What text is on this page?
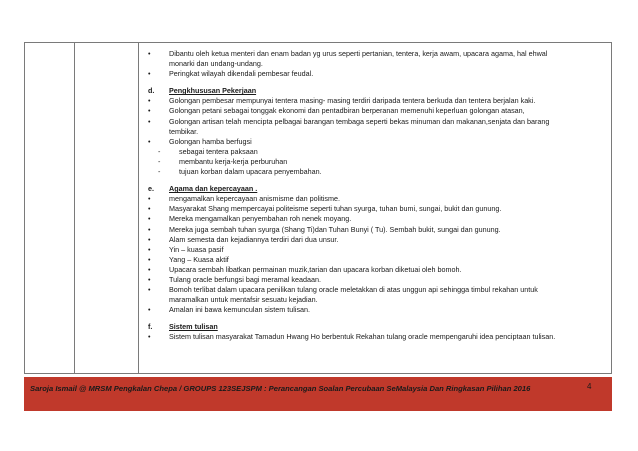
•	Dibantu oleh ketua menteri dan enam badan yg urus seperti pertanian, tentera, kerja awam, upacara agama, hal ehwal
monarki dan undang-undang.
•	Peringkat wilayah dikendali pembesar feudal.
d. Pengkhususan Pekerjaan
•	Golongan pembesar mempunyai tentera masing- masing terdiri daripada tentera berkuda dan tentera berjalan kaki.
•	Golongan petani sebagai tonggak ekonomi dan pentadbiran berperanan memenuhi keperluan golongan atasan,
•	Golongan artisan telah mencipta pelbagai barangan tembaga seperti bekas minuman dan makanan,senjata dan barang
tembikar.
•	Golongan hamba berfugsi
-	sebagai tentera paksaan
-	membantu kerja-kerja perburuhan
-	tujuan korban dalam upacara penyembahan.
e. Agama dan kepercayaan .
•	mengamalkan kepercayaan anismisme dan politisme.
•	Masyarakat Shang mempercayai politeisme seperti tuhan syurga, tuhan bumi, sungai, bukit dan gunung.
•	Mereka mengamalkan penyembahan roh nenek moyang.
•	Mereka juga sembah tuhan syurga (Shang Ti)dan Tuhan Bunyi ( Tu). Sembah bukit, sungai dan gunung.
•	Alam semesta dan kejadiannya terdiri dari dua unsur.
•	Yin – kuasa pasif
•	Yang – Kuasa aktif
•	Upacara sembah libatkan permainan muzik,tarian dan upacara korban diketuai oleh bomoh.
•	Tulang oracle berfungsi bagi meramal keadaan.
•	Bomoh terlibat dalam upacara penilikan tulang oracle meletakkan di atas unggun api sehingga timbul rekahan untuk
maramalkan untuk mentafsir sesuatu kejadian.
•	Amalan ini bawa kemunculan sistem tulisan.
f. Sistem tulisan
•	Sistem tulisan masyarakat Tamadun Hwang Ho berbentuk Rekahan tulang oracle mempengaruhi idea penciptaan tulisan.
Saroja Ismail @ MRSM Pengkalan Chepa / GROUPS 123SEJSPM : Perancangan Soalan Percubaan SeMalaysia Dan Ringkasan Pilihan 2016	4
